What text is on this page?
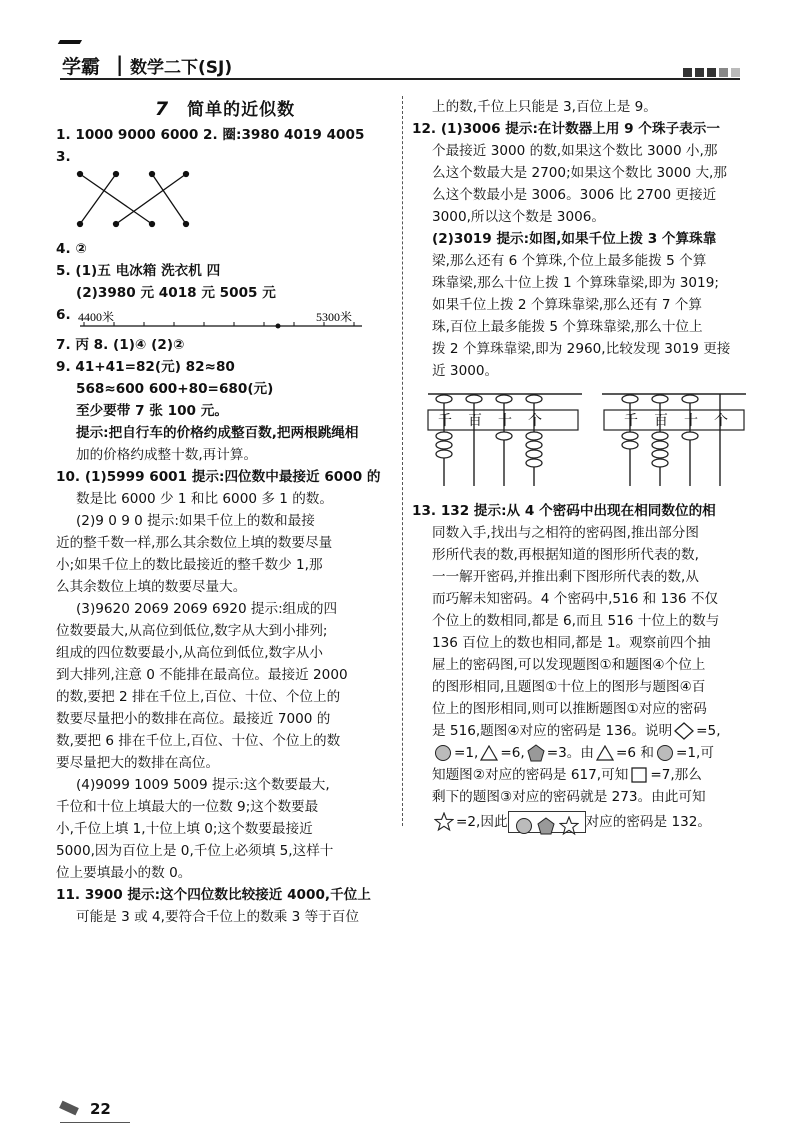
学霸 | 数学二下(SJ)
7 简单的近似数
1. 1000 9000 6000 2. 圈:3980 4019 4005
3.
4. ②
5. (1)五 电冰箱 洗衣机 四
(2)3980 元 4018 元 5005 元
6. 4400米	5300米
7. 丙 8. (1)④ (2)②
9. 41+41=82(元) 82≈80
568≈600 600+80=680(元)
至少要带 7 张 100 元。
提示:把自行车的价格约成整百数,把两根跳绳相
加的价格约成整十数,再计算。
10. (1)5999 6001 提示:四位数中最接近 6000 的
数是比 6000 少 1 和比 6000 多 1 的数。
(2)9 0 9 0 提示:如果千位上的数和最接
近的整千数一样,那么其余数位上填的数要尽量
小;如果千位上的数比最接近的整千数少 1,那
么其余数位上填的数要尽量大。
(3)9620 2069 2069 6920 提示:组成的四
位数要最大,从高位到低位,数字从大到小排列;
组成的四位数要最小,从高位到低位,数字从小
到大排列,注意 0 不能排在最高位。最接近 2000
的数,要把 2 排在千位上,百位、十位、个位上的
数要尽量把小的数排在高位。最接近 7000 的
数,要把 6 排在千位上,百位、十位、个位上的数
要尽量把大的数排在高位。
(4)9099 1009 5009 提示:这个数要最大,
千位和十位上填最大的一位数 9;这个数要最
小,千位上填 1,十位上填 0;这个数要最接近
5000,因为百位上是 0,千位上必须填 5,这样十
位上要填最小的数 0。
11. 3900 提示:这个四位数比较接近 4000,千位上
可能是 3 或 4,要符合千位上的数乘 3 等于百位
上的数,千位上只能是 3,百位上是 9。
12. (1)3006 提示:在计数器上用 9 个珠子表示一
个最接近 3000 的数,如果这个数比 3000 小,那
么这个数最大是 2700;如果这个数比 3000 大,那
么这个数最小是 3006。3006 比 2700 更接近
3000,所以这个数是 3006。
(2)3019 提示:如图,如果千位上拨 3 个算珠靠
梁,那么还有 6 个算珠,个位上最多能拨 5 个算
珠靠梁,那么十位上拨 1 个算珠靠梁,即为 3019;
如果千位上拨 2 个算珠靠梁,那么还有 7 个算
珠,百位上最多能拨 5 个算珠靠梁,那么十位上
拨 2 个算珠靠梁,即为 2960,比较发现 3019 更接
近 3000。
千 百 十 个	千 百 十 个
13. 132 提示:从 4 个密码中出现在相同数位的相
同数入手,找出与之相符的密码图,推出部分图
形所代表的数,再根据知道的图形所代表的数,
一一解开密码,并推出剩下图形所代表的数,从
而巧解未知密码。4 个密码中,516 和 136 不仅
个位上的数相同,都是 6,而且 516 十位上的数与
136 百位上的数也相同,都是 1。观察前四个抽
屉上的密码图,可以发现题图①和题图④个位上
的图形相同,且题图①十位上的图形与题图④百
位上的图形相同,则可以推断题图①对应的密码
是 516,题图④对应的密码是 136。说明 =5,
=1, =6, =3。由 =6 和 =1,可
知题图②对应的密码是 617,可知 =7,那么
剩下的题图③对应的密码就是 273。由此可知
=2,因此	对应的密码是 132。
22
